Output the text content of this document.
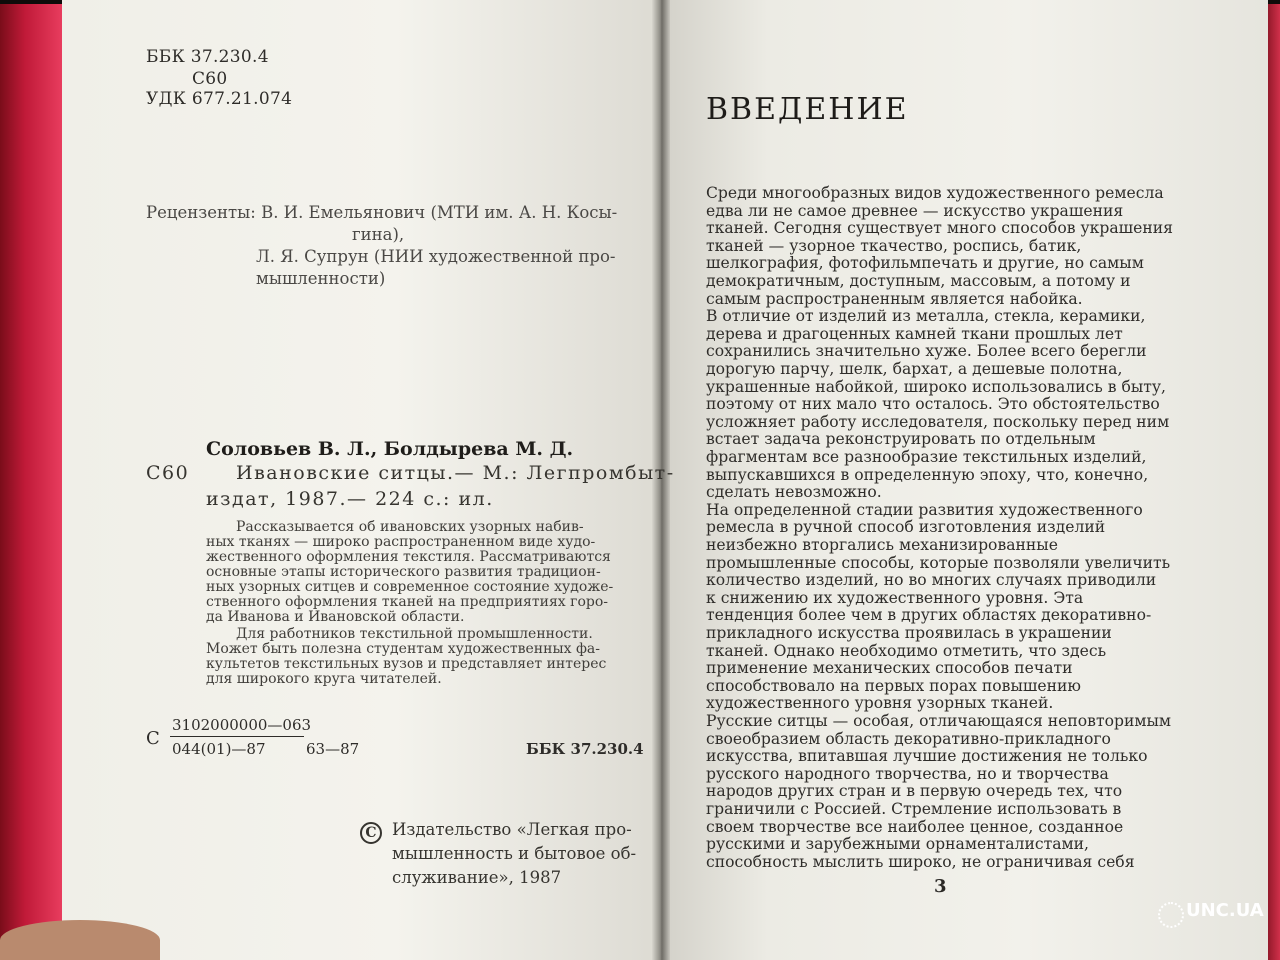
ББК 37.230.4

С60

УДК 677.21.074

Рецензенты: В. И. Емельянович (МТИ им. А. Н. Косы-

гина),

Л. Я. Супрун (НИИ художественной про-

мышленности)

Соловьев В. Л., Болдырева М. Д.

С60 Ивановские ситцы.— М.: Легпромбыт-

издат, 1987.— 224 с.: ил.

Рассказывается об ивановских узорных набив-

ных тканях — широко распространенном виде худо-

жественного оформления текстиля. Рассматриваются

основные этапы исторического развития традицион-

ных узорных ситцев и современное состояние художе-

ственного оформления тканей на предприятиях горо-

да Иванова и Ивановской области.

Для работников текстильной промышленности.

Может быть полезна студентам художественных фа-

культетов текстильных вузов и представляет интерес

для широкого круга читателей.

С

3102000000—063

044(01)—87	63—87	ББК 37.230.4

С Издательство «Легкая про-

мышленность и бытовое об-

служивание», 1987

ВВЕДЕНИЕ

Среди многообразных видов художественного ремесла

едва ли не самое древнее — искусство украшения

тканей. Сегодня существует много способов украшения

тканей — узорное ткачество, роспись, батик,

шелкография, фотофильмпечать и другие, но самым

демократичным, доступным, массовым, а потому и

самым распространенным является набойка.

В отличие от изделий из металла, стекла, керамики,

дерева и драгоценных камней ткани прошлых лет

сохранились значительно хуже. Более всего берегли

дорогую парчу, шелк, бархат, а дешевые полотна,

украшенные набойкой, широко использовались в быту,

поэтому от них мало что осталось. Это обстоятельство

усложняет работу исследователя, поскольку перед ним

встает задача реконструировать по отдельным

фрагментам все разнообразие текстильных изделий,

выпускавшихся в определенную эпоху, что, конечно,

сделать невозможно.

На определенной стадии развития художественного

ремесла в ручной способ изготовления изделий

неизбежно вторгались механизированные

промышленные способы, которые позволяли увеличить

количество изделий, но во многих случаях приводили

к снижению их художественного уровня. Эта

тенденция более чем в других областях декоративно-

прикладного искусства проявилась в украшении

тканей. Однако необходимо отметить, что здесь

применение механических способов печати

способствовало на первых порах повышению

художественного уровня узорных тканей.

Русские ситцы — особая, отличающаяся неповторимым

своеобразием область декоративно-прикладного

искусства, впитавшая лучшие достижения не только

русского народного творчества, но и творчества

народов других стран и в первую очередь тех, что

граничили с Россией. Стремление использовать в

своем творчестве все наиболее ценное, созданное

русскими и зарубежными орнаменталистами,

способность мыслить широко, не ограничивая себя

3

UNC.UA
